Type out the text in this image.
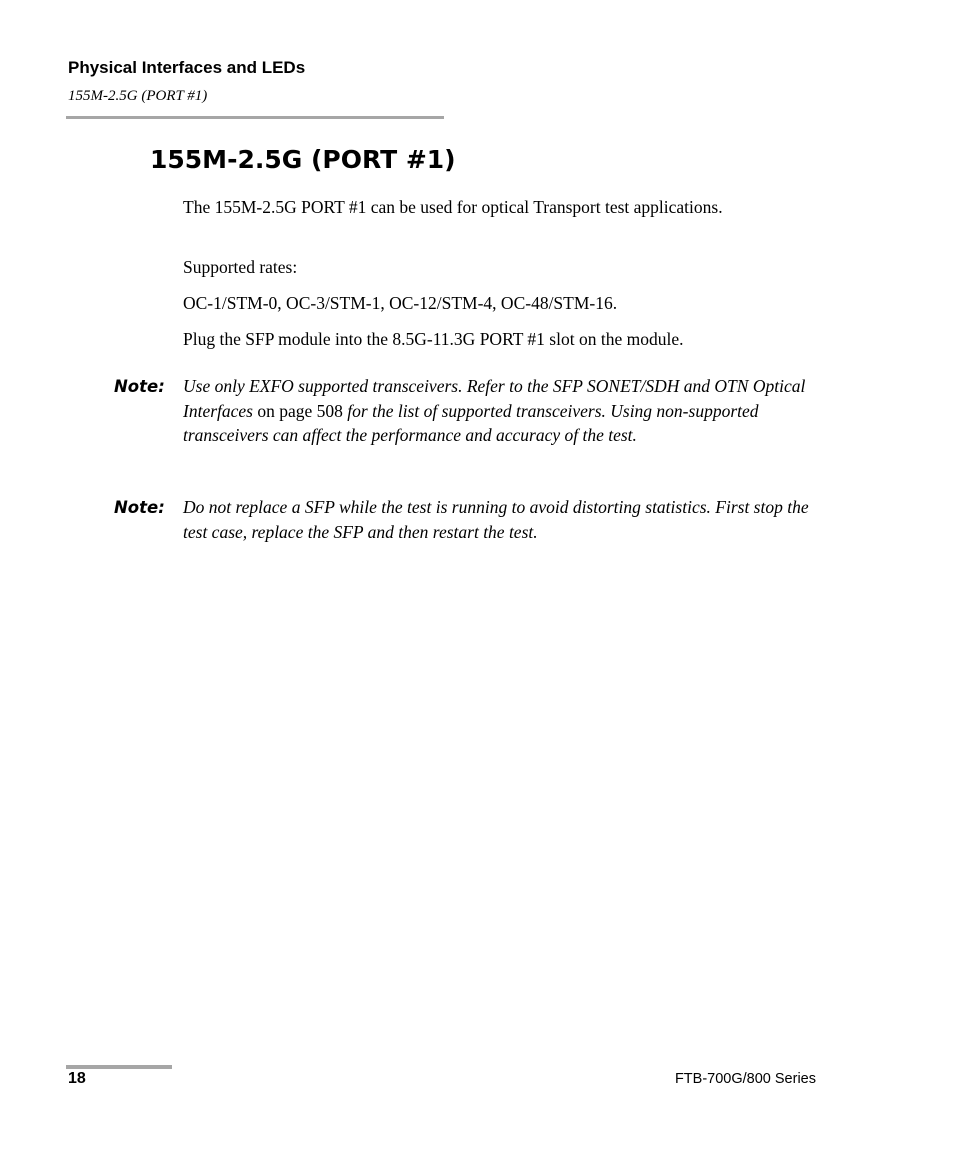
Physical Interfaces and LEDs
155M-2.5G (PORT #1)
155M-2.5G (PORT #1)

The 155M-2.5G PORT #1 can be used for optical Transport test applications.

Supported rates:

OC-1/STM-0, OC-3/STM-1, OC-12/STM-4, OC-48/STM-16.

Plug the SFP module into the 8.5G-11.3G PORT #1 slot on the module.

Note: Use only EXFO supported transceivers. Refer to the SFP SONET/SDH and OTN Optical Interfaces on page 508 for the list of supported transceivers. Using non-supported transceivers can affect the performance and accuracy of the test.

Note: Do not replace a SFP while the test is running to avoid distorting statistics. First stop the test case, replace the SFP and then restart the test.

18	FTB-700G/800 Series
